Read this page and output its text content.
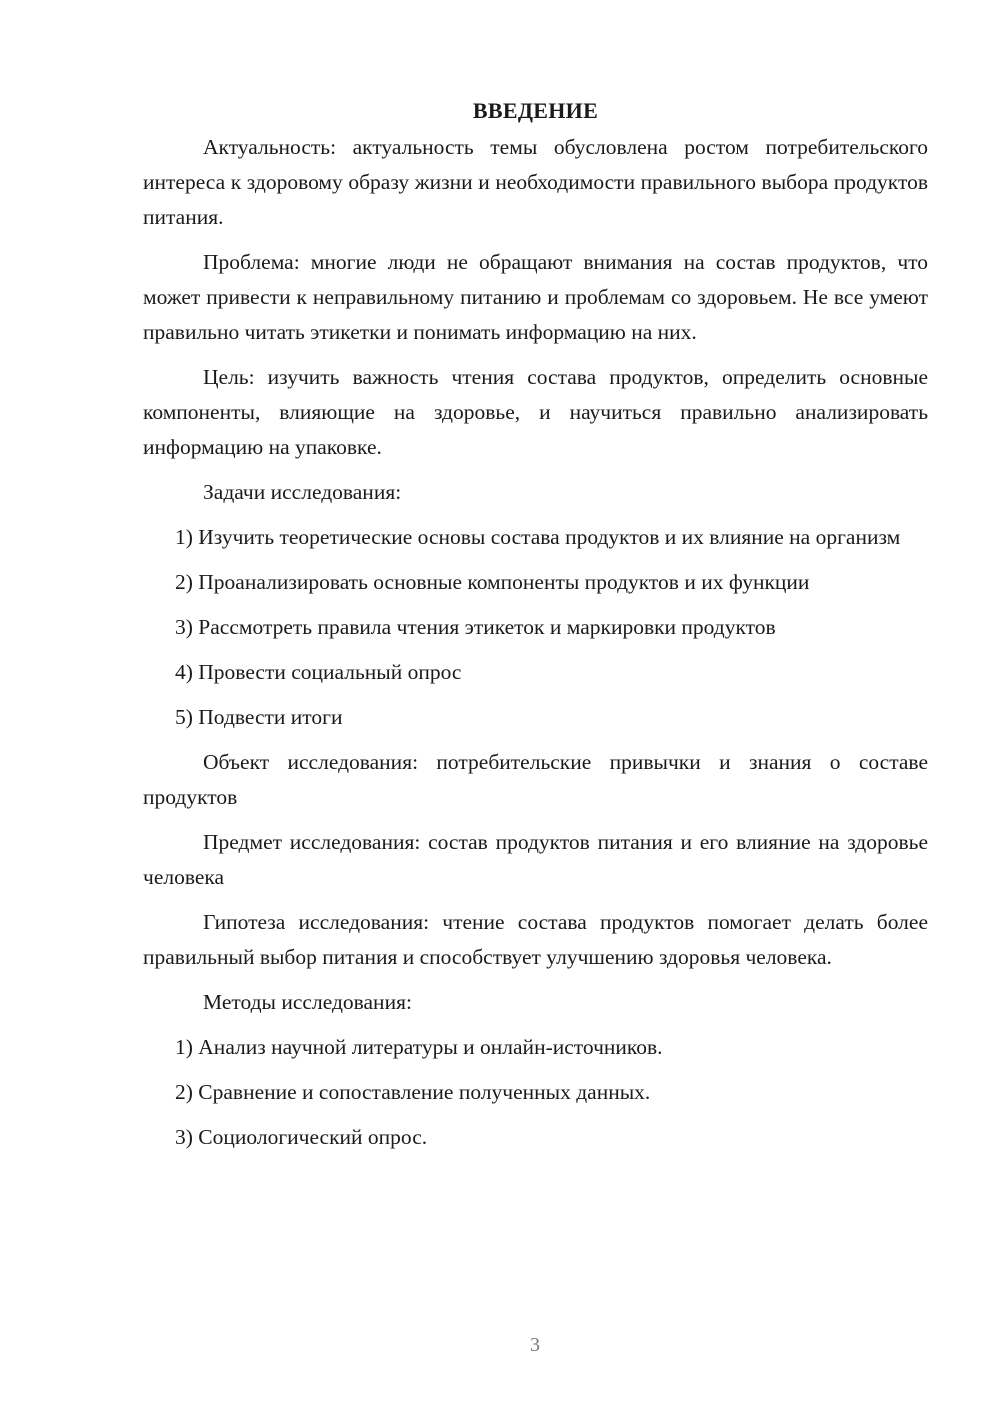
ВВЕДЕНИЕ

Актуальность: актуальность темы обусловлена ростом потребительского интереса к здоровому образу жизни и необходимости правильного выбора продуктов питания.

Проблема: многие люди не обращают внимания на состав продуктов, что может привести к неправильному питанию и проблемам со здоровьем. Не все умеют правильно читать этикетки и понимать информацию на них.

Цель: изучить важность чтения состава продуктов, определить основные компоненты, влияющие на здоровье, и научиться правильно анализировать информацию на упаковке.

Задачи исследования:

1) Изучить теоретические основы состава продуктов и их влияние на организм

2) Проанализировать основные компоненты продуктов и их функции

3) Рассмотреть правила чтения этикеток и маркировки продуктов

4) Провести социальный опрос

5) Подвести итоги

Объект исследования: потребительские привычки и знания о составе продуктов

Предмет исследования: состав продуктов питания и его влияние на здоровье человека

Гипотеза исследования: чтение состава продуктов помогает делать более правильный выбор питания и способствует улучшению здоровья человека.

Методы исследования:

1) Анализ научной литературы и онлайн-источников.

2) Сравнение и сопоставление полученных данных.

3) Социологический опрос.

3
